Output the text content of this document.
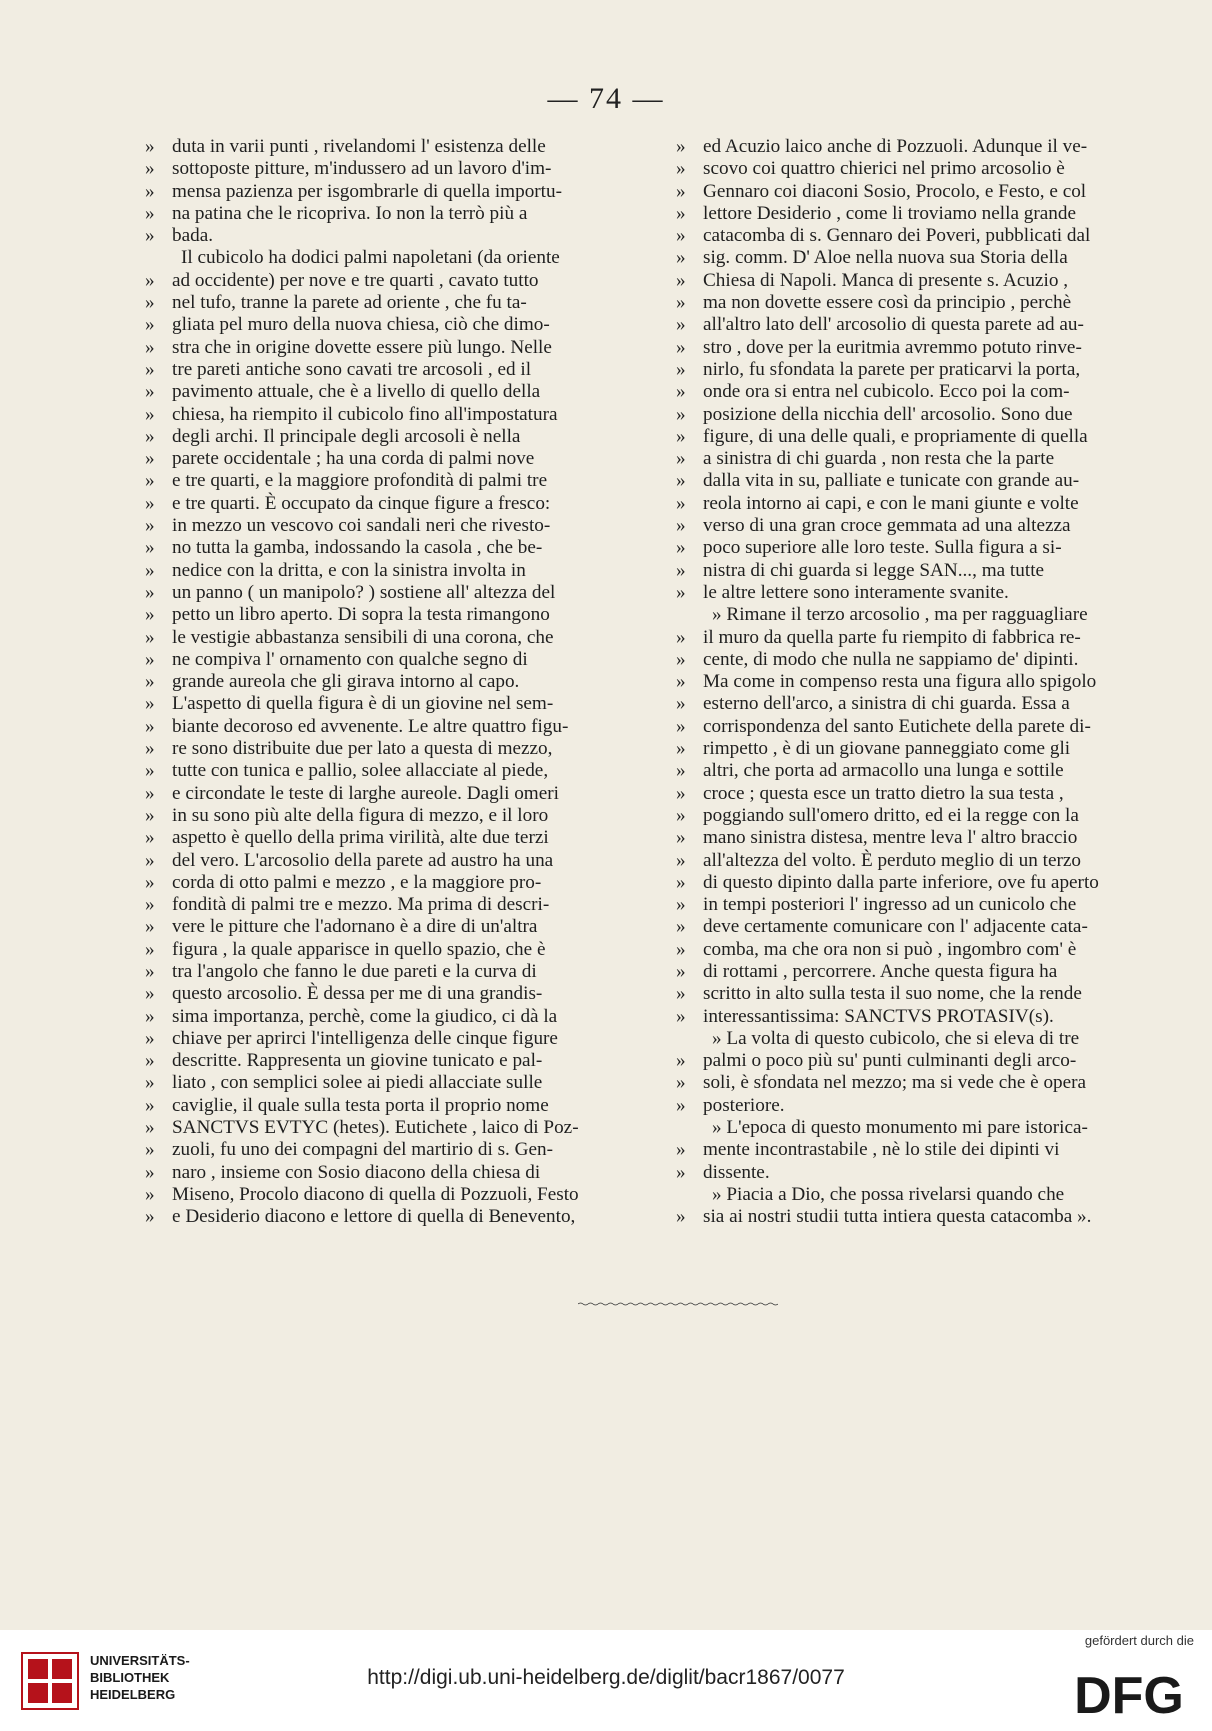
— 74 —
» duta in varii punti , rivelandomi l' esistenza delle
» sottoposte pitture, m'indussero ad un lavoro d'im-
» mensa pazienza per isgombrarle di quella importu-
» na patina che le ricopriva. Io non la terrò più a
» bada.
Il cubicolo ha dodici palmi napoletani (da oriente
» ad occidente) per nove e tre quarti , cavato tutto
» nel tufo, tranne la parete ad oriente , che fu ta-
» gliata pel muro della nuova chiesa, ciò che dimo-
» stra che in origine dovette essere più lungo. Nelle
» tre pareti antiche sono cavati tre arcosoli , ed il
» pavimento attuale, che è a livello di quello della
» chiesa, ha riempito il cubicolo fino all'impostatura
» degli archi. Il principale degli arcosoli è nella
» parete occidentale ; ha una corda di palmi nove
» e tre quarti, e la maggiore profondità di palmi tre
» e tre quarti. È occupato da cinque figure a fresco:
» in mezzo un vescovo coi sandali neri che rivesto-
» no tutta la gamba, indossando la casola , che be-
» nedice con la dritta, e con la sinistra involta in
» un panno ( un manipolo? ) sostiene all' altezza del
» petto un libro aperto. Di sopra la testa rimangono
» le vestigie abbastanza sensibili di una corona, che
» ne compiva l' ornamento con qualche segno di
» grande aureola che gli girava intorno al capo.
» L'aspetto di quella figura è di un giovine nel sem-
» biante decoroso ed avvenente. Le altre quattro figu-
» re sono distribuite due per lato a questa di mezzo,
» tutte con tunica e pallio, solee allacciate al piede,
» e circondate le teste di larghe aureole. Dagli omeri
» in su sono più alte della figura di mezzo, e il loro
» aspetto è quello della prima virilità, alte due terzi
» del vero. L'arcosolio della parete ad austro ha una
» corda di otto palmi e mezzo , e la maggiore pro-
» fondità di palmi tre e mezzo. Ma prima di descri-
» vere le pitture che l'adornano è a dire di un'altra
» figura , la quale apparisce in quello spazio, che è
» tra l'angolo che fanno le due pareti e la curva di
» questo arcosolio. È dessa per me di una grandis-
» sima importanza, perchè, come la giudico, ci dà la
» chiave per aprirci l'intelligenza delle cinque figure
» descritte. Rappresenta un giovine tunicato e pal-
» liato , con semplici solee ai piedi allacciate sulle
» caviglie, il quale sulla testa porta il proprio nome
» SANCTVS EVTYC (hetes). Eutichete , laico di Poz-
» zuoli, fu uno dei compagni del martirio di s. Gen-
» naro , insieme con Sosio diacono della chiesa di
» Miseno, Procolo diacono di quella di Pozzuoli, Festo
» e Desiderio diacono e lettore di quella di Benevento,
» ed Acuzio laico anche di Pozzuoli. Adunque il ve-
» scovo coi quattro chierici nel primo arcosolio è
» Gennaro coi diaconi Sosio, Procolo, e Festo, e col
» lettore Desiderio , come li troviamo nella grande
» catacomba di s. Gennaro dei Poveri, pubblicati dal
» sig. comm. D' Aloe nella nuova sua Storia della
» Chiesa di Napoli. Manca di presente s. Acuzio ,
» ma non dovette essere così da principio , perchè
» all'altro lato dell' arcosolio di questa parete ad au-
» stro , dove per la euritmia avremmo potuto rinve-
» nirlo, fu sfondata la parete per praticarvi la porta,
» onde ora si entra nel cubicolo. Ecco poi la com-
» posizione della nicchia dell' arcosolio. Sono due
» figure, di una delle quali, e propriamente di quella
» a sinistra di chi guarda , non resta che la parte
» dalla vita in su, palliate e tunicate con grande au-
» reola intorno ai capi, e con le mani giunte e volte
» verso di una gran croce gemmata ad una altezza
» poco superiore alle loro teste. Sulla figura a si-
» nistra di chi guarda si legge SAN..., ma tutte
» le altre lettere sono interamente svanite.
» Rimane il terzo arcosolio , ma per ragguagliare
» il muro da quella parte fu riempito di fabbrica re-
» cente, di modo che nulla ne sappiamo de' dipinti.
» Ma come in compenso resta una figura allo spigolo
» esterno dell'arco, a sinistra di chi guarda. Essa a
» corrispondenza del santo Eutichete della parete di-
» rimpetto , è di un giovane panneggiato come gli
» altri, che porta ad armacollo una lunga e sottile
» croce ; questa esce un tratto dietro la sua testa ,
» poggiando sull'omero dritto, ed ei la regge con la
» mano sinistra distesa, mentre leva l' altro braccio
» all'altezza del volto. È perduto meglio di un terzo
» di questo dipinto dalla parte inferiore, ove fu aperto
» in tempi posteriori l' ingresso ad un cunicolo che
» deve certamente comunicare con l' adjacente cata-
» comba, ma che ora non si può , ingombro com' è
» di rottami , percorrere. Anche questa figura ha
» scritto in alto sulla testa il suo nome, che la rende
» interessantissima: SANCTVS PROTASIV(s).
» La volta di questo cubicolo, che si eleva di tre
» palmi o poco più su' punti culminanti degli arco-
» soli, è sfondata nel mezzo; ma si vede che è opera
» posteriore.
» L'epoca di questo monumento mi pare istorica-
» mente incontrastabile , nè lo stile dei dipinti vi
» dissente.
» Piacia a Dio, che possa rivelarsi quando che
» sia ai nostri studii tutta intiera questa catacomba ».
UNIVERSITÄTS-
BIBLIOTHEK
HEIDELBERG
http://digi.ub.uni-heidelberg.de/diglit/bacr1867/0077
gefördert durch die
DFG
